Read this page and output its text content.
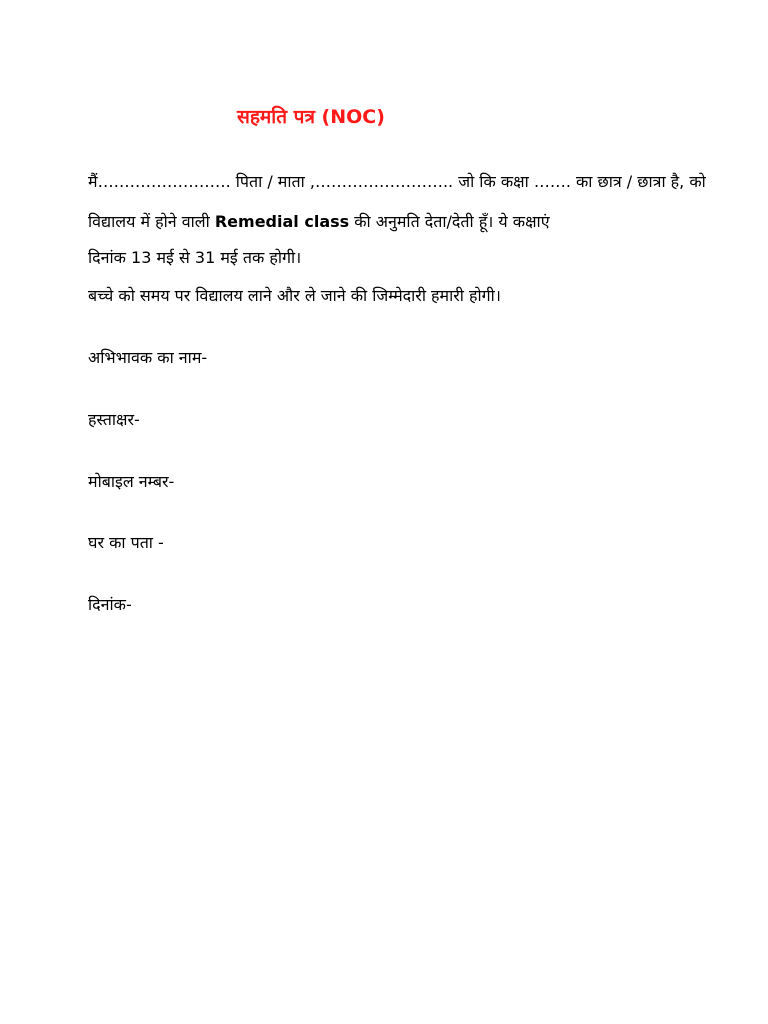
सहमति पत्र (NOC)

मैं……………………. पिता / माता ,…………………….. जो कि कक्षा ……. का छात्र / छात्रा है, को

विद्यालय में होने वाली Remedial class की अनुमति देता/देती हूँ। ये कक्षाएं

दिनांक 13 मई से 31 मई तक होगी।

बच्चे को समय पर विद्यालय लाने और ले जाने की जिम्मेदारी हमारी होगी।

अभिभावक का नाम-

हस्ताक्षर-

मोबाइल नम्बर-

घर का पता -

दिनांक-
